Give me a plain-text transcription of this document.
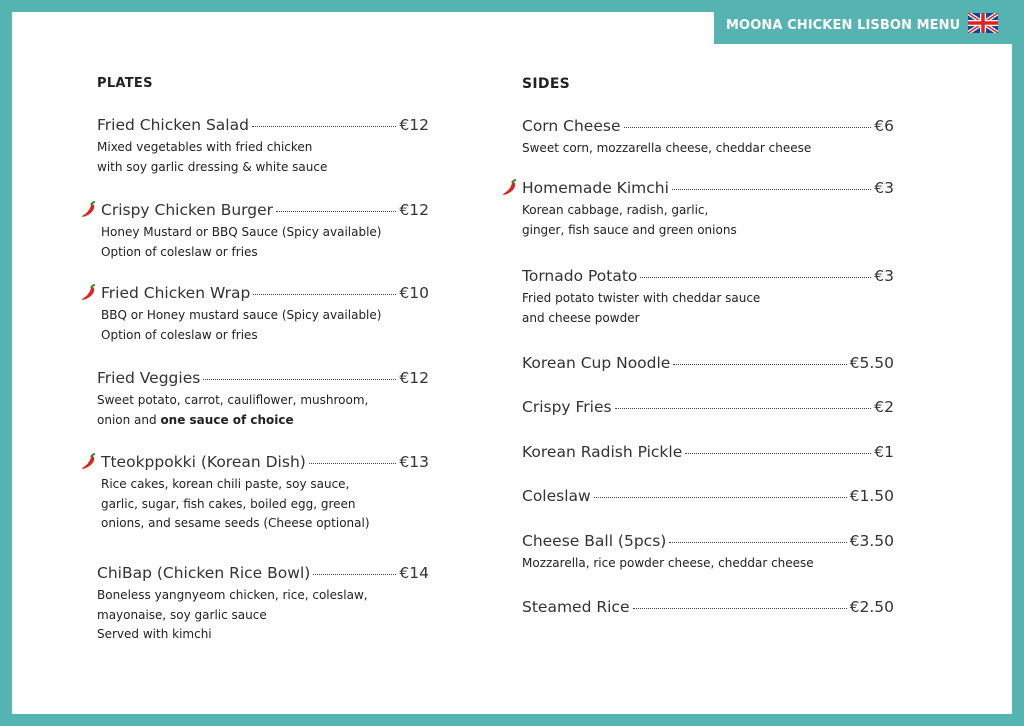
MOONA CHICKEN LISBON MENU
PLATES	SIDES
Fried Chicken Salad	€12
Mixed vegetables with fried chicken
with soy garlic dressing & white sauce
Crispy Chicken Burger	€12
Honey Mustard or BBQ Sauce (Spicy available)
Option of coleslaw or fries
Fried Chicken Wrap	€10
BBQ or Honey mustard sauce (Spicy available)
Option of coleslaw or fries
Fried Veggies	€12
Sweet potato, carrot, cauliflower, mushroom,
onion and one sauce of choice
Tteokppokki (Korean Dish)	€13
Rice cakes, korean chili paste, soy sauce,
garlic, sugar, fish cakes, boiled egg, green
onions, and sesame seeds (Cheese optional)
ChiBap (Chicken Rice Bowl)	€14
Boneless yangnyeom chicken, rice, coleslaw,
mayonaise, soy garlic sauce
Served with kimchi
Corn Cheese	€6
Sweet corn, mozzarella cheese, cheddar cheese
Homemade Kimchi	€3
Korean cabbage, radish, garlic,
ginger, fish sauce and green onions
Tornado Potato	€3
Fried potato twister with cheddar sauce
and cheese powder
Korean Cup Noodle	€5.50
Crispy Fries	€2
Korean Radish Pickle	€1
Coleslaw	€1.50
Cheese Ball (5pcs)	€3.50
Mozzarella, rice powder cheese, cheddar cheese
Steamed Rice	€2.50
